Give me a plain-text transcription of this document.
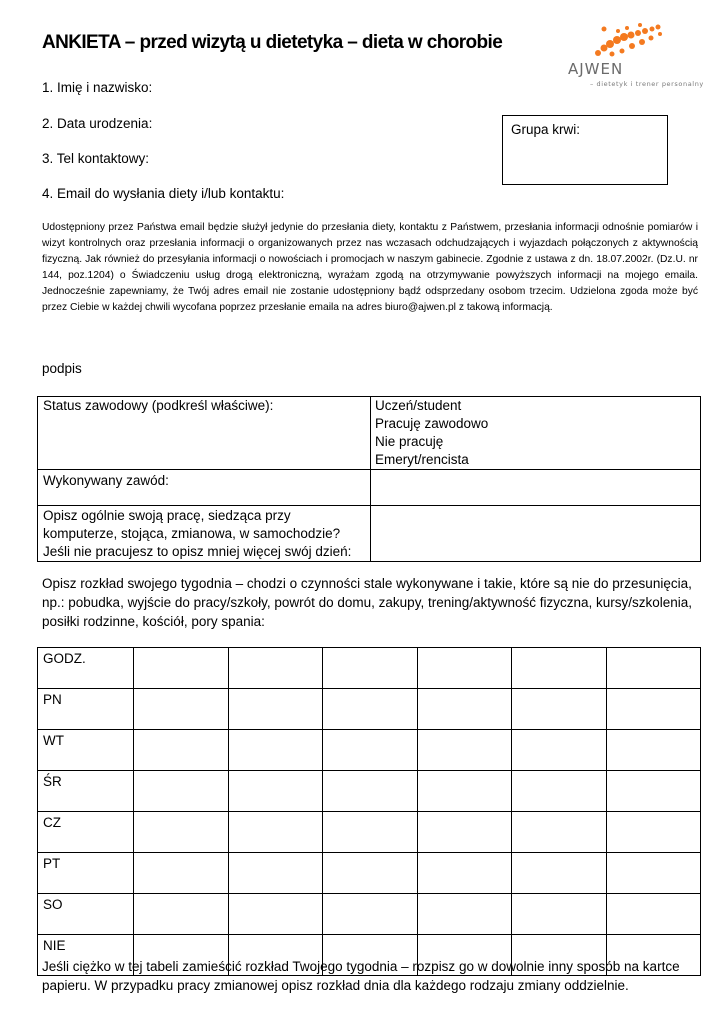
ANKIETA – przed wizytą u dietetyka – dieta w chorobie
AJWEN
– dietetyk i trener personalny
1. Imię i nazwisko:
2. Data urodzenia:
3. Tel kontaktowy:
4. Email do wysłania diety i/lub kontaktu:
Grupa krwi:
Udostępniony przez Państwa email będzie służył jedynie do przesłania diety, kontaktu z Państwem, przesłania informacji odnośnie pomiarów i wizyt kontrolnych oraz przesłania informacji o organizowanych przez nas wczasach odchudzających i wyjazdach połączonych z aktywnością fizyczną. Jak również do przesyłania informacji o nowościach i promocjach w naszym gabinecie. Zgodnie z ustawa z dn. 18.07.2002r. (Dz.U. nr 144, poz.1204) o Świadczeniu usług drogą elektroniczną, wyrażam zgodą na otrzymywanie powyższych informacji na mojego emaila. Jednocześnie zapewniamy, że Twój adres email nie zostanie udostępniony bądź odsprzedany osobom trzecim. Udzielona zgoda może być przez Ciebie w każdej chwili wycofana poprzez przesłanie emaila na adres biuro@ajwen.pl z takową informacją.
podpis
Status zawodowy (podkreśl właściwe):	Uczeń/student
Pracuję zawodowo
Nie pracuję
Emeryt/rencista

Wykonywany zawód:	
Opisz ogólnie swoją pracę, siedząca przy komputerze, stojąca, zmianowa, w samochodzie? Jeśli nie pracujesz to opisz mniej więcej swój dzień:	
Opisz rozkład swojego tygodnia – chodzi o czynności stale wykonywane i takie, które są nie do przesunięcia, np.: pobudka, wyjście do pracy/szkoły, powrót do domu, zakupy, trening/aktywność fizyczna, kursy/szkolenia, posiłki rodzinne, kościół, pory spania:
GODZ.						
PN						
WT						
ŚR						
CZ						
PT						
SO						
NIE						
Jeśli ciężko w tej tabeli zamieścić rozkład Twojego tygodnia – rozpisz go w dowolnie inny sposób na kartce papieru. W przypadku pracy zmianowej opisz rozkład dnia dla każdego rodzaju zmiany oddzielnie.
